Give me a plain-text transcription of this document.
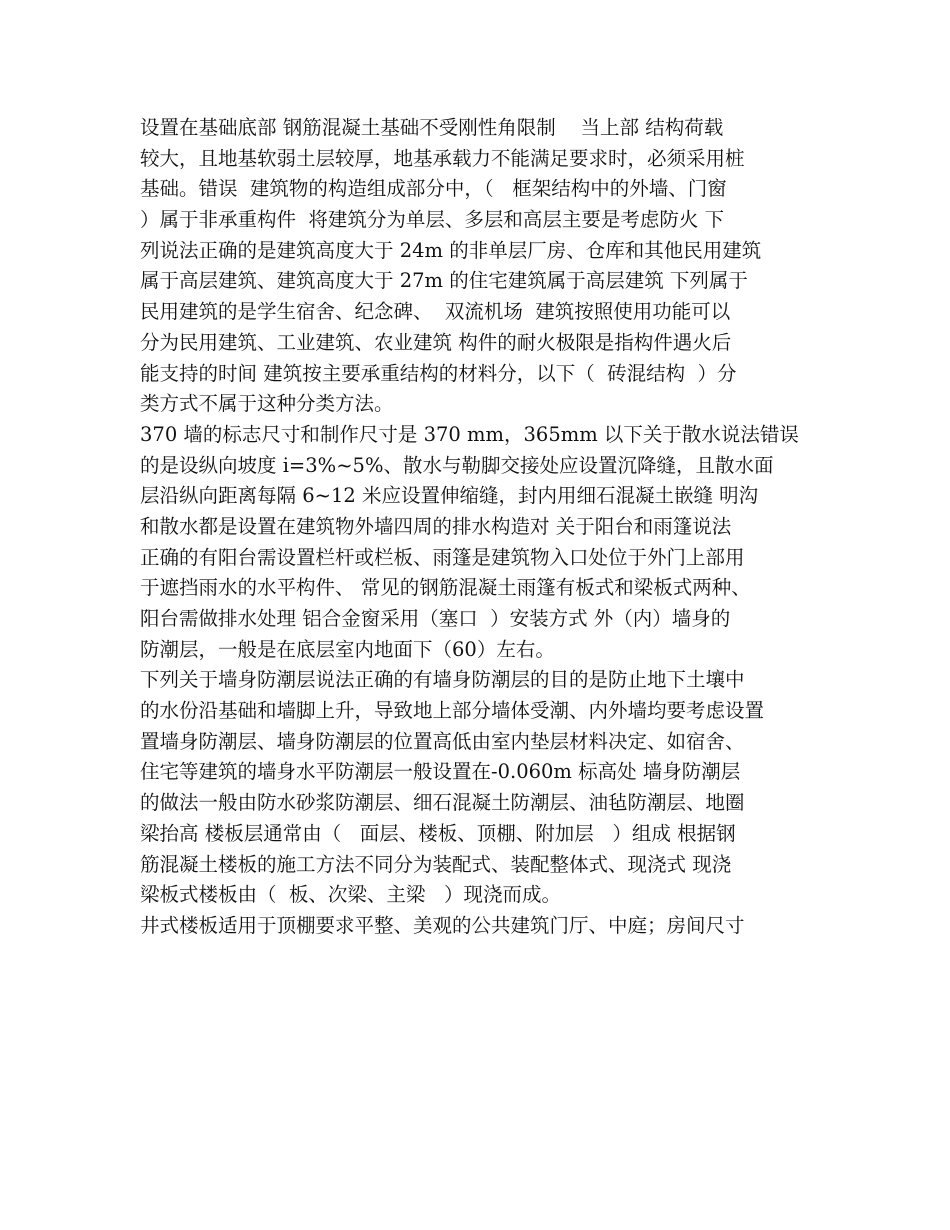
设置在基础底部 钢筋混凝土基础不受刚性角限制    当上部 结构荷载
较大，且地基软弱土层较厚，地基承载力不能满足要求时，必须采用桩
基础。错误  建筑物的构造组成部分中，（   框架结构中的外墙、门窗
）属于非承重构件  将建筑分为单层、多层和高层主要是考虑防火 下
列说法正确的是建筑高度大于 24m 的非单层厂房、仓库和其他民用建筑
属于高层建筑、建筑高度大于 27m 的住宅建筑属于高层建筑 下列属于
民用建筑的是学生宿舍、纪念碑、  双流机场  建筑按照使用功能可以
分为民用建筑、工业建筑、农业建筑 构件的耐火极限是指构件遇火后
能支持的时间 建筑按主要承重结构的材料分，以下（  砖混结构  ）分
类方式不属于这种分类方法。
370 墙的标志尺寸和制作尺寸是 370 mm，365mm 以下关于散水说法错误
的是设纵向坡度 i=3%~5%、散水与勒脚交接处应设置沉降缝，且散水面
层沿纵向距离每隔 6~12 米应设置伸缩缝，封内用细石混凝土嵌缝 明沟
和散水都是设置在建筑物外墙四周的排水构造对 关于阳台和雨篷说法
正确的有阳台需设置栏杆或栏板、雨篷是建筑物入口处位于外门上部用
于遮挡雨水的水平构件、 常见的钢筋混凝土雨篷有板式和梁板式两种、
阳台需做排水处理 铝合金窗采用（塞口  ）安装方式 外（内）墙身的
防潮层，一般是在底层室内地面下（60）左右。
下列关于墙身防潮层说法正确的有墙身防潮层的目的是防止地下土壤中
的水份沿基础和墙脚上升，导致地上部分墙体受潮、内外墙均要考虑设置
置墙身防潮层、墙身防潮层的位置高低由室内垫层材料决定、如宿舍、
住宅等建筑的墙身水平防潮层一般设置在-0.060m 标高处 墙身防潮层
的做法一般由防水砂浆防潮层、细石混凝土防潮层、油毡防潮层、地圈
梁抬高 楼板层通常由（   面层、楼板、顶棚、附加层   ）组成 根据钢
筋混凝土楼板的施工方法不同分为装配式、装配整体式、现浇式 现浇
梁板式楼板由（  板、次梁、主梁   ）现浇而成。
井式楼板适用于顶棚要求平整、美观的公共建筑门厅、中庭；房间尺寸
